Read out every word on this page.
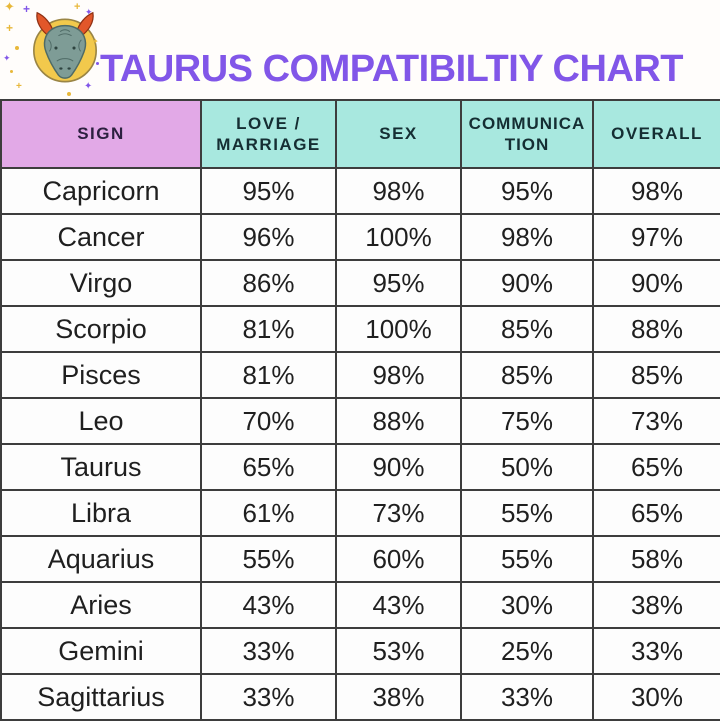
✦
+
+
✦
+
+
✦
✦
✦
TAURUS COMPATIBILTIY CHART
SIGN	LOVE / MARRIAGE	SEX	COMMUNICATION	OVERALL
Capricorn	95%	98%	95%	98%
Cancer	96%	100%	98%	97%
Virgo	86%	95%	90%	90%
Scorpio	81%	100%	85%	88%
Pisces	81%	98%	85%	85%
Leo	70%	88%	75%	73%
Taurus	65%	90%	50%	65%
Libra	61%	73%	55%	65%
Aquarius	55%	60%	55%	58%
Aries	43%	43%	30%	38%
Gemini	33%	53%	25%	33%
Sagittarius	33%	38%	33%	30%
